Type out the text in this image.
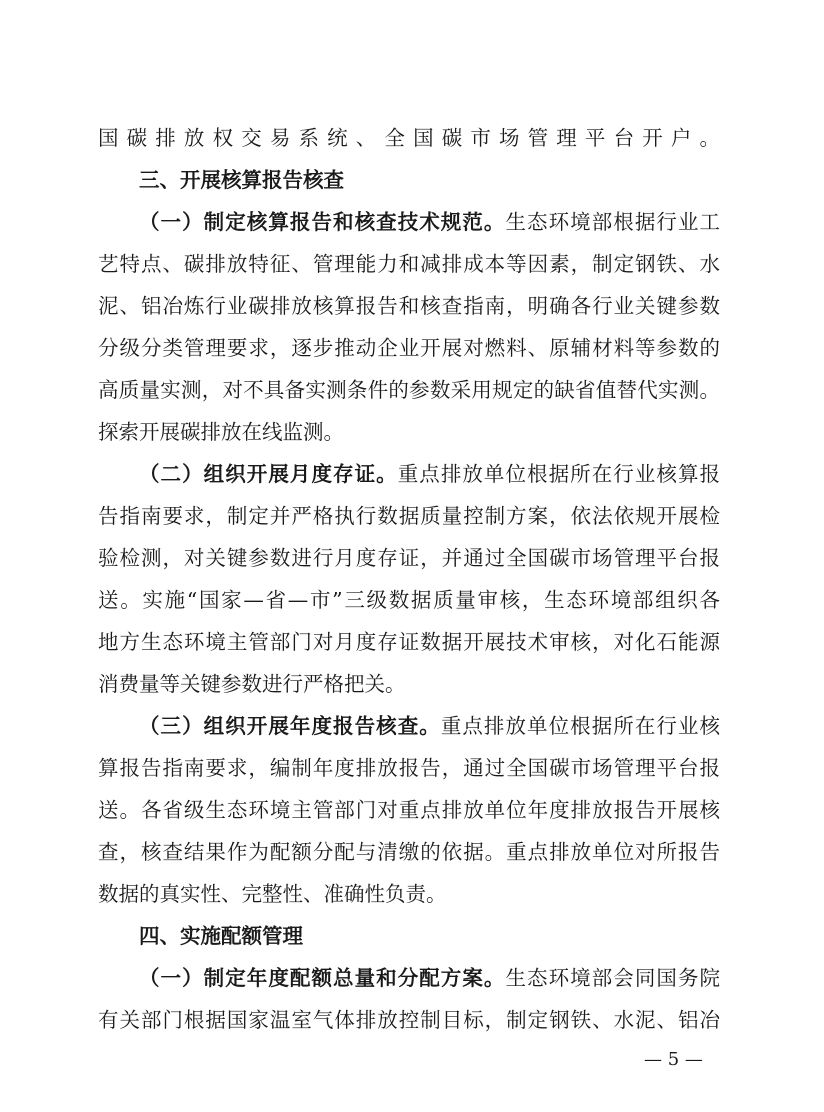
国碳排放权交易系统、全国碳市场管理平台开户。
三、开展核算报告核查
（一）制定核算报告和核查技术规范。生态环境部根据行业工
艺特点、碳排放特征、管理能力和减排成本等因素，制定钢铁、水
泥、铝冶炼行业碳排放核算报告和核查指南，明确各行业关键参数
分级分类管理要求，逐步推动企业开展对燃料、原辅材料等参数的
高质量实测，对不具备实测条件的参数采用规定的缺省值替代实测。
探索开展碳排放在线监测。
（二）组织开展月度存证。重点排放单位根据所在行业核算报
告指南要求，制定并严格执行数据质量控制方案，依法依规开展检
验检测，对关键参数进行月度存证，并通过全国碳市场管理平台报
送。实施“国家—省—市”三级数据质量审核，生态环境部组织各
地方生态环境主管部门对月度存证数据开展技术审核，对化石能源
消费量等关键参数进行严格把关。
（三）组织开展年度报告核查。重点排放单位根据所在行业核
算报告指南要求，编制年度排放报告，通过全国碳市场管理平台报
送。各省级生态环境主管部门对重点排放单位年度排放报告开展核
查，核查结果作为配额分配与清缴的依据。重点排放单位对所报告
数据的真实性、完整性、准确性负责。
四、实施配额管理
（一）制定年度配额总量和分配方案。生态环境部会同国务院
有关部门根据国家温室气体排放控制目标，制定钢铁、水泥、铝冶
— 5 —
